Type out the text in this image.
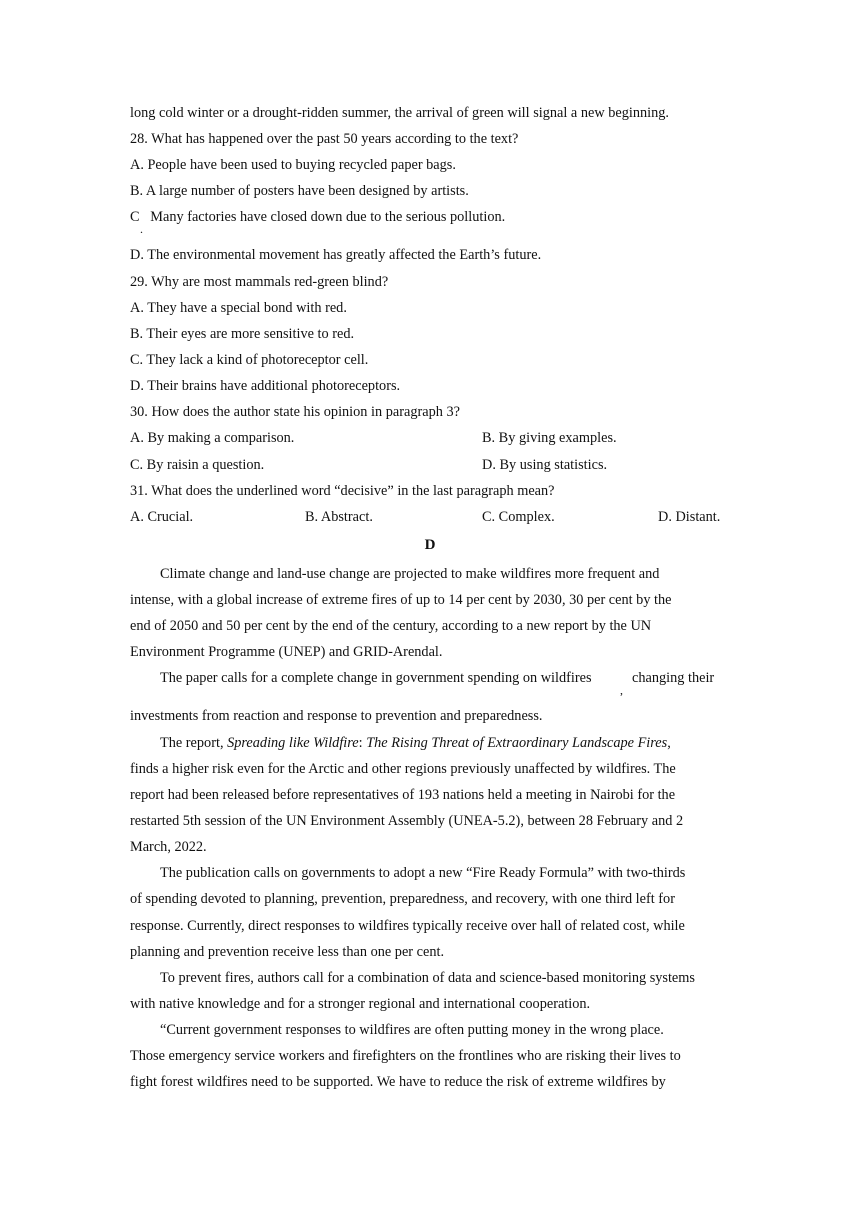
long cold winter or a drought-ridden summer, the arrival of green will signal a new beginning.
28. What has happened over the past 50 years according to the text?
A. People have been used to buying recycled paper bags.
B. A large number of posters have been designed by artists.
C   Many factories have closed down due to the serious pollution.
.
D. The environmental movement has greatly affected the Earth’s future.
29. Why are most mammals red-green blind?
A. They have a special bond with red.
B. Their eyes are more sensitive to red.
C. They lack a kind of photoreceptor cell.
D. Their brains have additional photoreceptors.
30. How does the author state his opinion in paragraph 3?
A. By making a comparison.	B. By giving examples.
C. By raisin a question.	D. By using statistics.
31. What does the underlined word “decisive” in the last paragraph mean?
A. Crucial.	B. Abstract.	C. Complex.	D. Distant.
D
Climate change and land-use change are projected to make wildfires more frequent and
intense, with a global increase of extreme fires of up to 14 per cent by 2030, 30 per cent by the
end of 2050 and 50 per cent by the end of the century, according to a new report by the UN
Environment Programme (UNEP) and GRID-Arendal.
The paper calls for a complete change in government spending on wildfires
,
changing their
investments from reaction and response to prevention and preparedness.
The report, Spreading like Wildfire: The Rising Threat of Extraordinary Landscape Fires,
finds a higher risk even for the Arctic and other regions previously unaffected by wildfires. The
report had been released before representatives of 193 nations held a meeting in Nairobi for the
restarted 5th session of the UN Environment Assembly (UNEA-5.2), between 28 February and 2
March, 2022.
The publication calls on governments to adopt a new “Fire Ready Formula” with two-thirds
of spending devoted to planning, prevention, preparedness, and recovery, with one third left for
response. Currently, direct responses to wildfires typically receive over hall of related cost, while
planning and prevention receive less than one per cent.
To prevent fires, authors call for a combination of data and science-based monitoring systems
with native knowledge and for a stronger regional and international cooperation.
“Current government responses to wildfires are often putting money in the wrong place.
Those emergency service workers and firefighters on the frontlines who are risking their lives to
fight forest wildfires need to be supported. We have to reduce the risk of extreme wildfires by
